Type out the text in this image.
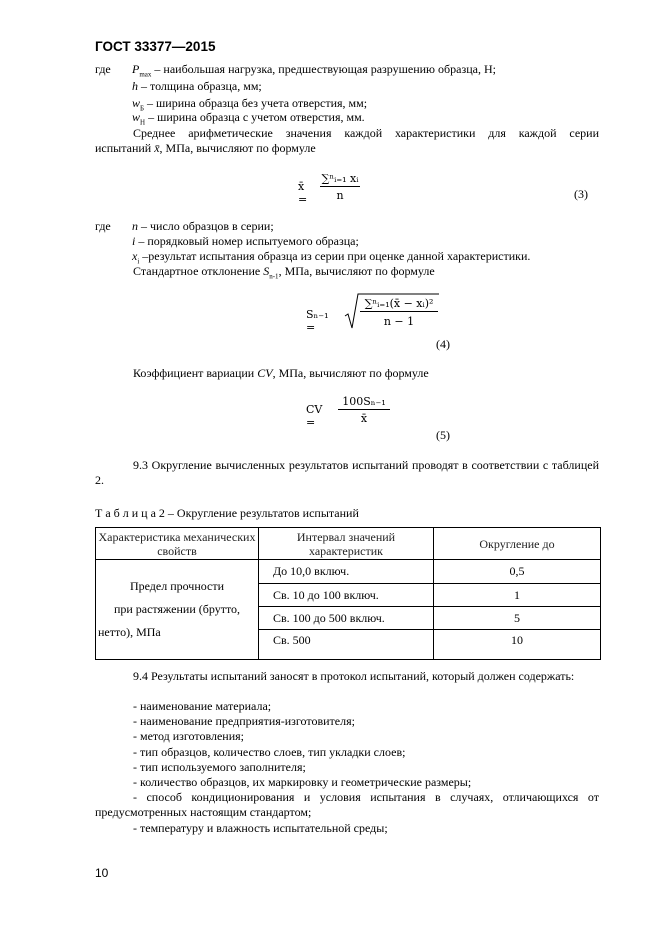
ГОСТ 33377—2015
где $P_{max}$ – наибольшая нагрузка, предшествующая разрушению образца, Н;
h – толщина образца, мм;
$w_Б$ – ширина образца без учета отверстия, мм;
$w_Н$ – ширина образца с учетом отверстия, мм.
Среднее арифметические значения каждой характеристики для каждой серии
испытаний x̄, МПа, вычисляют по формуле
x̄ =
∑ⁿᵢ₌₁ xᵢ
n	(3)
где n – число образцов в серии;
i – порядковый номер испытуемого образца;
$x_i$ –результат испытания образца из серии при оценке данной характеристики.
Стандартное отклонение $S_{n-1}$, МПа, вычисляют по формуле
Sₙ₋₁ =
∑ⁿᵢ₌₁(x̄ − xᵢ)²
n − 1
(4)
Коэффициент вариации CV, МПа, вычисляют по формуле
CV =
100Sₙ₋₁
x̄
(5)
9.3 Округление вычисленных результатов испытаний проводят в соответствии с таблицей 2.
Т а б л и ц а 2 – Округление результатов испытаний
Характеристика механических свойств	Интервал значений характеристик	Округление до

Предел прочности
при растяжении (брутто,
нетто), МПа	До 10,0 включ.	0,5
	Св. 10 до 100 включ.	1
	Св. 100 до 500 включ.	5
	Св. 500	10
9.4 Результаты испытаний заносят в протокол испытаний, который должен содержать:
- наименование материала;
- наименование предприятия-изготовителя;
- метод изготовления;
- тип образцов, количество слоев, тип укладки слоев;
- тип используемого заполнителя;
- количество образцов, их маркировку и геометрические размеры;
- способ кондиционирования и условия испытания в случаях, отличающихся от предусмотренных настоящим стандартом;
- температуру и влажность испытательной среды;
10
